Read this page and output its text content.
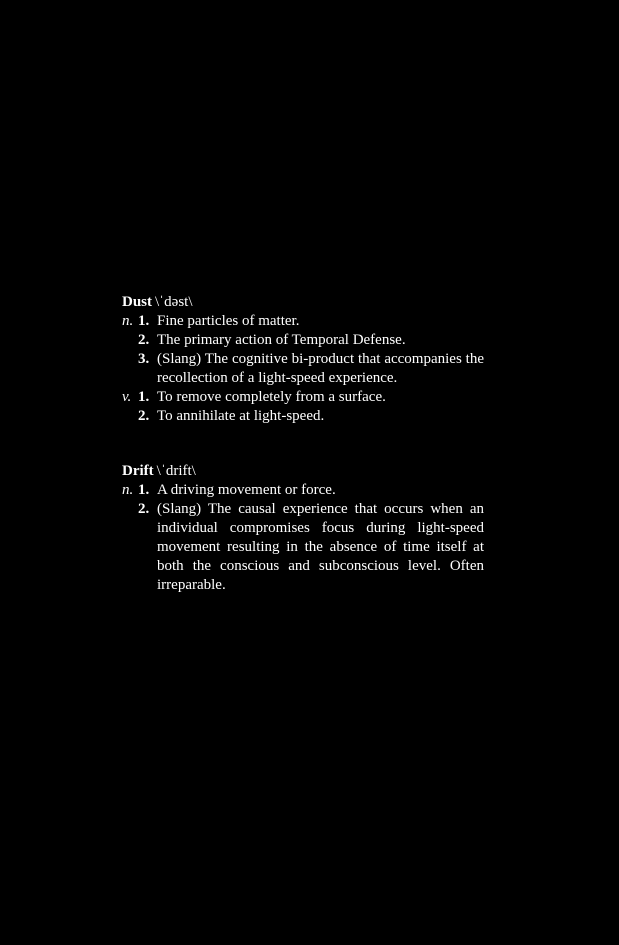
Dust \ˈdəst\
n. 1. Fine particles of matter.
2. The primary action of Temporal Defense.
3. (Slang) The cognitive bi-product that accompanies the recollection of a light-speed experience.
v. 1. To remove completely from a surface.
2. To annihilate at light-speed.
Drift \ˈdrift\
n. 1. A driving movement or force.
2. (Slang) The causal experience that occurs when an individual compromises focus during light-speed movement resulting in the absence of time itself at both the conscious and subconscious level. Often irreparable.
